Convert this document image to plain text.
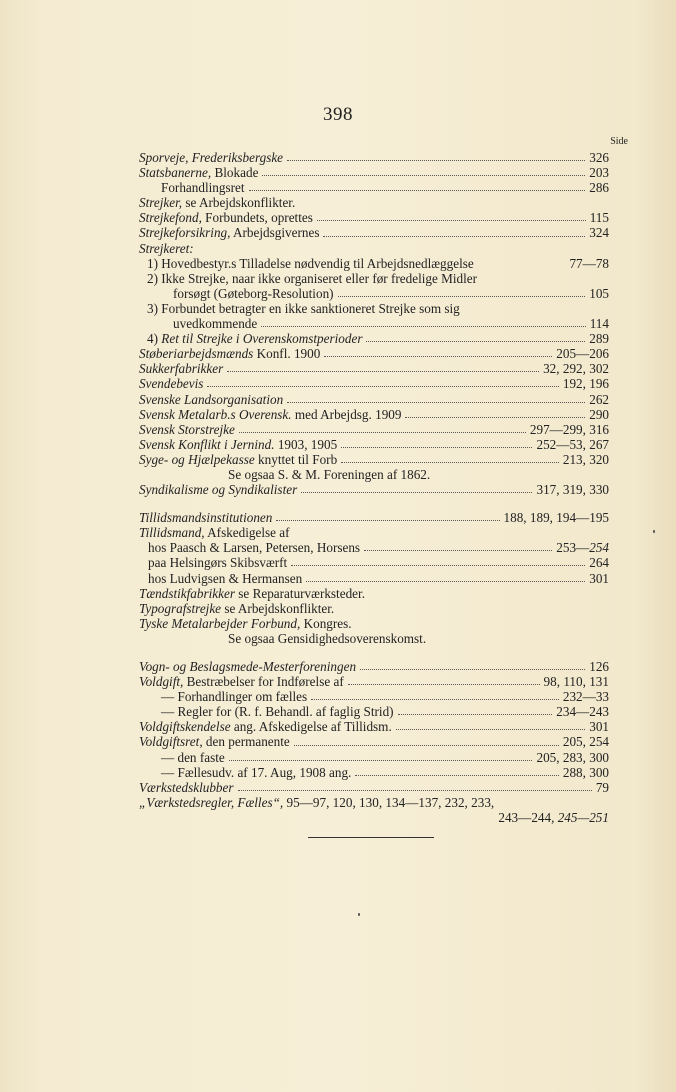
398
Side
Sporveje, Frederiksbergske	326
Statsbanerne, Blokade	203
Forhandlingsret	286
Strejker, se Arbejdskonflikter.
Strejkefond, Forbundets, oprettes	115
Strejkeforsikring, Arbejdsgivernes	324
Strejkeret:
1) Hovedbestyr.s Tilladelse nødvendig til Arbejdsnedlæggelse	77—78
2) Ikke Strejke, naar ikke organiseret eller før fredelige Midler
forsøgt (Gøteborg-Resolution)	105
3) Forbundet betragter en ikke sanktioneret Strejke som sig
uvedkommende	114
4) Ret til Strejke i Overenskomstperioder	289
Støberiarbejdsmænds Konfl. 1900	205—206
Sukkerfabrikker	32, 292, 302
Svendebevis	192, 196
Svenske Landsorganisation	262
Svensk Metalarb.s Overensk. med Arbejdsg. 1909	290
Svensk Storstrejke	297—299, 316
Svensk Konflikt i Jernind. 1903, 1905	252—53, 267
Syge- og Hjælpekasse knyttet til Forb	213, 320
Se ogsaa S. & M. Foreningen af 1862.
Syndikalisme og Syndikalister	317, 319, 330
Tillidsmandsinstitutionen	188, 189, 194—195
Tillidsmand, Afskedigelse af
hos Paasch & Larsen, Petersen, Horsens	253—254
paa Helsingørs Skibsværft	264
hos Ludvigsen & Hermansen	301
Tændstikfabrikker se Reparaturværksteder.
Typografstrejke se Arbejdskonflikter.
Tyske Metalarbejder Forbund, Kongres.
Se ogsaa Gensidighedsoverenskomst.
Vogn- og Beslagsmede-Mesterforeningen	126
Voldgift, Bestræbelser for Indførelse af	98, 110, 131
— Forhandlinger om fælles	232—33
— Regler for (R. f. Behandl. af faglig Strid)	234—243
Voldgiftskendelse ang. Afskedigelse af Tillidsm.	301
Voldgiftsret, den permanente	205, 254
— den faste	205, 283, 300
— Fællesudv. af 17. Aug, 1908 ang.	288, 300
Værkstedsklubber	79
„Værkstedsregler, Fælles“, 95—97, 120, 130, 134—137, 232, 233,
243—244, 245—251
